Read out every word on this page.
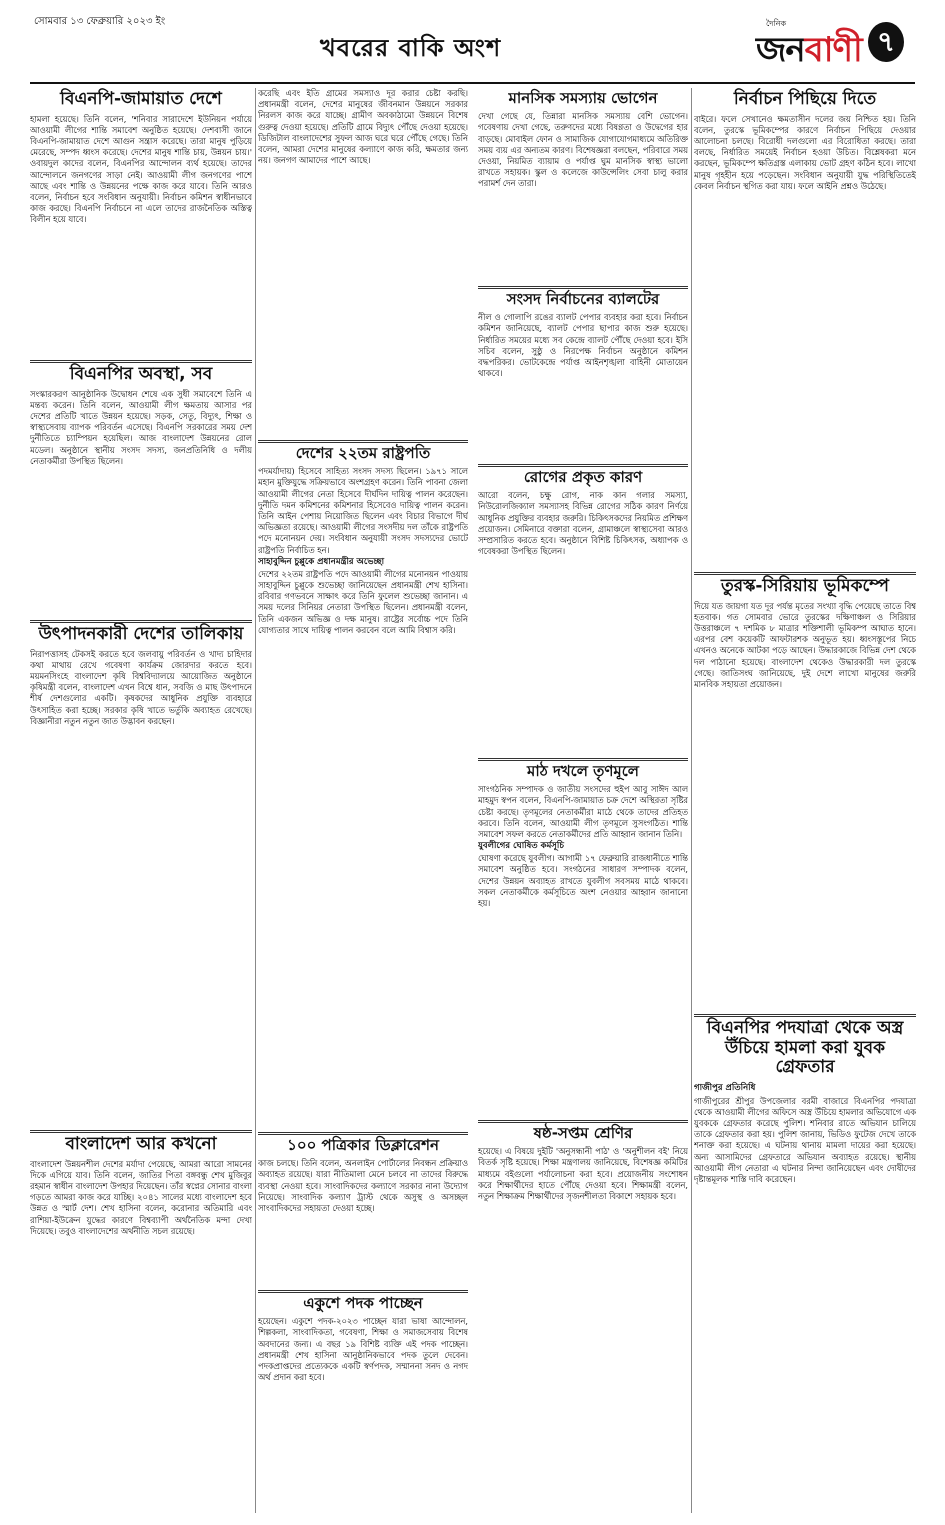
সোমবার ১৩ ফেব্রুয়ারি ২০২৩ ইং
খবরের বাকি অংশ
দৈনিক
জনবাণী ৭
বিএনপি-জামায়াত দেশে
হামলা হয়েছে। তিনি বলেন, 'শনিবার সারাদেশে ইউনিয়ন পর্যায়ে আওয়ামী লীগের শান্তি সমাবেশ অনুষ্ঠিত হয়েছে। দেশবাসী জানে বিএনপি-জামায়াত দেশে আগুন সন্ত্রাস করেছে। তারা মানুষ পুড়িয়ে মেরেছে, সম্পদ ধ্বংস করেছে। দেশের মানুষ শান্তি চায়, উন্নয়ন চায়।' ওবায়দুল কাদের বলেন, বিএনপির আন্দোলন ব্যর্থ হয়েছে। তাদের আন্দোলনে জনগণের সাড়া নেই। আওয়ামী লীগ জনগণের পাশে আছে এবং শান্তি ও উন্নয়নের পক্ষে কাজ করে যাবে। তিনি আরও বলেন, নির্বাচন হবে সংবিধান অনুযায়ী। নির্বাচন কমিশন স্বাধীনভাবে কাজ করছে। বিএনপি নির্বাচনে না এলে তাদের রাজনৈতিক অস্তিত্ব বিলীন হয়ে যাবে।
বিএনপির অবস্থা, সব
সংস্কারকরণ আনুষ্ঠানিক উদ্বোধন শেষে এক সুধী সমাবেশে তিনি এ মন্তব্য করেন। তিনি বলেন, আওয়ামী লীগ ক্ষমতায় আসার পর দেশের প্রতিটি খাতে উন্নয়ন হয়েছে। সড়ক, সেতু, বিদ্যুৎ, শিক্ষা ও স্বাস্থ্যসেবায় ব্যাপক পরিবর্তন এসেছে। বিএনপি সরকারের সময় দেশ দুর্নীতিতে চ্যাম্পিয়ন হয়েছিল। আজ বাংলাদেশ উন্নয়নের রোল মডেল। অনুষ্ঠানে স্থানীয় সংসদ সদস্য, জনপ্রতিনিধি ও দলীয় নেতাকর্মীরা উপস্থিত ছিলেন।
উৎপাদনকারী দেশের তালিকায়
নিরাপত্তাসহ টেকসই করতে হবে জলবায়ু পরিবর্তন ও খাদ্য চাহিদার কথা মাথায় রেখে গবেষণা কার্যক্রম জোরদার করতে হবে। ময়মনসিংহে বাংলাদেশ কৃষি বিশ্ববিদ্যালয়ে আয়োজিত অনুষ্ঠানে কৃষিমন্ত্রী বলেন, বাংলাদেশ এখন বিশ্বে ধান, সবজি ও মাছ উৎপাদনে শীর্ষ দেশগুলোর একটি। কৃষকদের আধুনিক প্রযুক্তি ব্যবহারে উৎসাহিত করা হচ্ছে। সরকার কৃষি খাতে ভর্তুকি অব্যাহত রেখেছে। বিজ্ঞানীরা নতুন নতুন জাত উদ্ভাবন করছেন।
বাংলাদেশ আর কখনো
বাংলাদেশ উন্নয়নশীল দেশের মর্যাদা পেয়েছে, আমরা আরো সামনের দিকে এগিয়ে যাব। তিনি বলেন, জাতির পিতা বঙ্গবন্ধু শেখ মুজিবুর রহমান স্বাধীন বাংলাদেশ উপহার দিয়েছেন। তাঁর স্বপ্নের সোনার বাংলা গড়তে আমরা কাজ করে যাচ্ছি। ২০৪১ সালের মধ্যে বাংলাদেশ হবে উন্নত ও স্মার্ট দেশ। শেখ হাসিনা বলেন, করোনার অতিমারি এবং রাশিয়া-ইউক্রেন যুদ্ধের কারণে বিশ্বব্যাপী অর্থনৈতিক মন্দা দেখা দিয়েছে। তবুও বাংলাদেশের অর্থনীতি সচল রয়েছে।
করেছি এবং ইতি গ্রামের সমস্যাও দূর করার চেষ্টা করছি। প্রধানমন্ত্রী বলেন, দেশের মানুষের জীবনমান উন্নয়নে সরকার নিরলস কাজ করে যাচ্ছে। গ্রামীণ অবকাঠামো উন্নয়নে বিশেষ গুরুত্ব দেওয়া হয়েছে। প্রতিটি গ্রামে বিদ্যুৎ পৌঁছে দেওয়া হয়েছে। ডিজিটাল বাংলাদেশের সুফল আজ ঘরে ঘরে পৌঁছে গেছে। তিনি বলেন, আমরা দেশের মানুষের কল্যাণে কাজ করি, ক্ষমতার জন্য নয়। জনগণ আমাদের পাশে আছে।
মানসিক সমস্যায় ভোগেন
দেখা গেছে যে, তিন্নারা মানসিক সমস্যায় বেশি ভোগেন। গবেষণায় দেখা গেছে, তরুণদের মধ্যে বিষণ্ণতা ও উদ্বেগের হার বাড়ছে। মোবাইল ফোন ও সামাজিক যোগাযোগমাধ্যমে অতিরিক্ত সময় ব্যয় এর অন্যতম কারণ। বিশেষজ্ঞরা বলছেন, পরিবারে সময় দেওয়া, নিয়মিত ব্যায়াম ও পর্যাপ্ত ঘুম মানসিক স্বাস্থ্য ভালো রাখতে সহায়ক। স্কুল ও কলেজে কাউন্সেলিং সেবা চালু করার পরামর্শ দেন তারা।
সংসদ নির্বাচনের ব্যালটের
নীল ও গোলাপি রঙের ব্যালট পেপার ব্যবহার করা হবে। নির্বাচন কমিশন জানিয়েছে, ব্যালট পেপার ছাপার কাজ শুরু হয়েছে। নির্ধারিত সময়ের মধ্যে সব কেন্দ্রে ব্যালট পৌঁছে দেওয়া হবে। ইসি সচিব বলেন, সুষ্ঠু ও নিরপেক্ষ নির্বাচন অনুষ্ঠানে কমিশন বদ্ধপরিকর। ভোটকেন্দ্রে পর্যাপ্ত আইনশৃঙ্খলা বাহিনী মোতায়েন থাকবে।
দেশের ২২তম রাষ্ট্রপতি
পদমর্যাদায়) হিসেবে সাহিত্য সংসদ সদস্য ছিলেন। ১৯৭১ সালে মহান মুক্তিযুদ্ধে সক্রিয়ভাবে অংশগ্রহণ করেন। তিনি পাবনা জেলা আওয়ামী লীগের নেতা হিসেবে দীর্ঘদিন দায়িত্ব পালন করেছেন। দুর্নীতি দমন কমিশনের কমিশনার হিসেবেও দায়িত্ব পালন করেন। তিনি আইন পেশায় নিয়োজিত ছিলেন এবং বিচার বিভাগে দীর্ঘ অভিজ্ঞতা রয়েছে। আওয়ামী লীগের সংসদীয় দল তাঁকে রাষ্ট্রপতি পদে মনোনয়ন দেয়। সংবিধান অনুযায়ী সংসদ সদস্যদের ভোটে রাষ্ট্রপতি নির্বাচিত হন।
সাহাবুদ্দিন চুপ্পুকে প্রধানমন্ত্রীর অভেচ্ছা
দেশের ২২তম রাষ্ট্রপতি পদে আওয়ামী লীগের মনোনয়ন পাওয়ায় সাহাবুদ্দিন চুপ্পুকে শুভেচ্ছা জানিয়েছেন প্রধানমন্ত্রী শেখ হাসিনা। রবিবার গণভবনে সাক্ষাৎ করে তিনি ফুলেল শুভেচ্ছা জানান। এ সময় দলের সিনিয়র নেতারা উপস্থিত ছিলেন। প্রধানমন্ত্রী বলেন, তিনি একজন অভিজ্ঞ ও দক্ষ মানুষ। রাষ্ট্রের সর্বোচ্চ পদে তিনি যোগ্যতার সাথে দায়িত্ব পালন করবেন বলে আমি বিশ্বাস করি।
রোগের প্রকৃত কারণ
আরো বলেন, চক্ষু রোগ, নাক কান গলার সমস্যা, নিউরোলজিক্যাল সমস্যাসহ বিভিন্ন রোগের সঠিক কারণ নির্ণয়ে আধুনিক প্রযুক্তির ব্যবহার জরুরি। চিকিৎসকদের নিয়মিত প্রশিক্ষণ প্রয়োজন। সেমিনারে বক্তারা বলেন, গ্রামাঞ্চলে স্বাস্থ্যসেবা আরও সম্প্রসারিত করতে হবে। অনুষ্ঠানে বিশিষ্ট চিকিৎসক, অধ্যাপক ও গবেষকরা উপস্থিত ছিলেন।
মাঠ দখলে তৃণমূলে
সাংগঠনিক সম্পাদক ও জাতীয় সংসদের হুইপ আবু সাঈদ আল মাহমুদ স্বপন বলেন, বিএনপি-জামায়াত চক্র দেশে অস্থিরতা সৃষ্টির চেষ্টা করছে। তৃণমূলের নেতাকর্মীরা মাঠে থেকে তাদের প্রতিহত করবে। তিনি বলেন, আওয়ামী লীগ তৃণমূলে সুসংগঠিত। শান্তি সমাবেশ সফল করতে নেতাকর্মীদের প্রতি আহ্বান জানান তিনি।
যুবলীগের ঘোষিত কর্মসূচি
ঘোষণা করেছে যুবলীগ। আগামী ১৭ ফেব্রুয়ারি রাজধানীতে শান্তি সমাবেশ অনুষ্ঠিত হবে। সংগঠনের সাধারণ সম্পাদক বলেন, দেশের উন্নয়ন অব্যাহত রাখতে যুবলীগ সবসময় মাঠে থাকবে। সকল নেতাকর্মীকে কর্মসূচিতে অংশ নেওয়ার আহ্বান জানানো হয়।
১০০ পত্রিকার ডিক্লারেশন
কাজ চলছে। তিনি বলেন, অনলাইন পোর্টালের নিবন্ধন প্রক্রিয়াও অব্যাহত রয়েছে। যারা নীতিমালা মেনে চলবে না তাদের বিরুদ্ধে ব্যবস্থা নেওয়া হবে। সাংবাদিকদের কল্যাণে সরকার নানা উদ্যোগ নিয়েছে। সাংবাদিক কল্যাণ ট্রাস্ট থেকে অসুস্থ ও অসচ্ছল সাংবাদিকদের সহায়তা দেওয়া হচ্ছে।
একুশে পদক পাচ্ছেন
হয়েছেন। একুশে পদক-২০২৩ পাচ্ছেন যারা ভাষা আন্দোলন, শিল্পকলা, সাংবাদিকতা, গবেষণা, শিক্ষা ও সমাজসেবায় বিশেষ অবদানের জন্য। এ বছর ১৯ বিশিষ্ট ব্যক্তি এই পদক পাচ্ছেন। প্রধানমন্ত্রী শেখ হাসিনা আনুষ্ঠানিকভাবে পদক তুলে দেবেন। পদকপ্রাপ্তদের প্রত্যেককে একটি স্বর্ণপদক, সম্মাননা সনদ ও নগদ অর্থ প্রদান করা হবে।
ষষ্ঠ-সপ্তম শ্রেণির
হয়েছে। এ বিষয়ে দুইটি 'অনুসন্ধানী পাঠ' ও 'অনুশীলন বই' নিয়ে বিতর্ক সৃষ্টি হয়েছে। শিক্ষা মন্ত্রণালয় জানিয়েছে, বিশেষজ্ঞ কমিটির মাধ্যমে বইগুলো পর্যালোচনা করা হবে। প্রয়োজনীয় সংশোধন করে শিক্ষার্থীদের হাতে পৌঁছে দেওয়া হবে। শিক্ষামন্ত্রী বলেন, নতুন শিক্ষাক্রম শিক্ষার্থীদের সৃজনশীলতা বিকাশে সহায়ক হবে।
নির্বাচন পিছিয়ে দিতে
বাইরে। ফলে সেখানেও ক্ষমতাসীন দলের জয় নিশ্চিত হয়। তিনি বলেন, তুরস্কে ভূমিকম্পের কারণে নির্বাচন পিছিয়ে দেওয়ার আলোচনা চলছে। বিরোধী দলগুলো এর বিরোধিতা করছে। তারা বলছে, নির্ধারিত সময়েই নির্বাচন হওয়া উচিত। বিশ্লেষকরা মনে করছেন, ভূমিকম্পে ক্ষতিগ্রস্ত এলাকায় ভোট গ্রহণ কঠিন হবে। লাখো মানুষ গৃহহীন হয়ে পড়েছেন। সংবিধান অনুযায়ী যুদ্ধ পরিস্থিতিতেই কেবল নির্বাচন স্থগিত করা যায়। ফলে আইনি প্রশ্নও উঠেছে।
তুরস্ক-সিরিয়ায় ভূমিকম্পে
দিয়ে যত জায়গা যত দূর পর্যন্ত মৃতের সংখ্যা বৃদ্ধি পেয়েছে তাতে বিশ্ব হতবাক। গত সোমবার ভোরে তুরস্কের দক্ষিণাঞ্চল ও সিরিয়ার উত্তরাঞ্চলে ৭ দশমিক ৮ মাত্রার শক্তিশালী ভূমিকম্প আঘাত হানে। এরপর বেশ কয়েকটি আফটারশক অনুভূত হয়। ধ্বংসস্তূপের নিচে এখনও অনেকে আটকা পড়ে আছেন। উদ্ধারকাজে বিভিন্ন দেশ থেকে দল পাঠানো হয়েছে। বাংলাদেশ থেকেও উদ্ধারকারী দল তুরস্কে গেছে। জাতিসংঘ জানিয়েছে, দুই দেশে লাখো মানুষের জরুরি মানবিক সহায়তা প্রয়োজন।
বিএনপির পদযাত্রা থেকে অস্ত্র উঁচিয়ে হামলা করা যুবক গ্রেফতার
গাজীপুর প্রতিনিধি
গাজীপুরের শ্রীপুর উপজেলার বরমী বাজারে বিএনপির পদযাত্রা থেকে আওয়ামী লীগের অফিসে অস্ত্র উঁচিয়ে হামলার অভিযোগে এক যুবককে গ্রেফতার করেছে পুলিশ। শনিবার রাতে অভিযান চালিয়ে তাকে গ্রেফতার করা হয়। পুলিশ জানায়, ভিডিও ফুটেজ দেখে তাকে শনাক্ত করা হয়েছে। এ ঘটনায় থানায় মামলা দায়ের করা হয়েছে। অন্য আসামিদের গ্রেফতারে অভিযান অব্যাহত রয়েছে। স্থানীয় আওয়ামী লীগ নেতারা এ ঘটনার নিন্দা জানিয়েছেন এবং দোষীদের দৃষ্টান্তমূলক শাস্তি দাবি করেছেন।
